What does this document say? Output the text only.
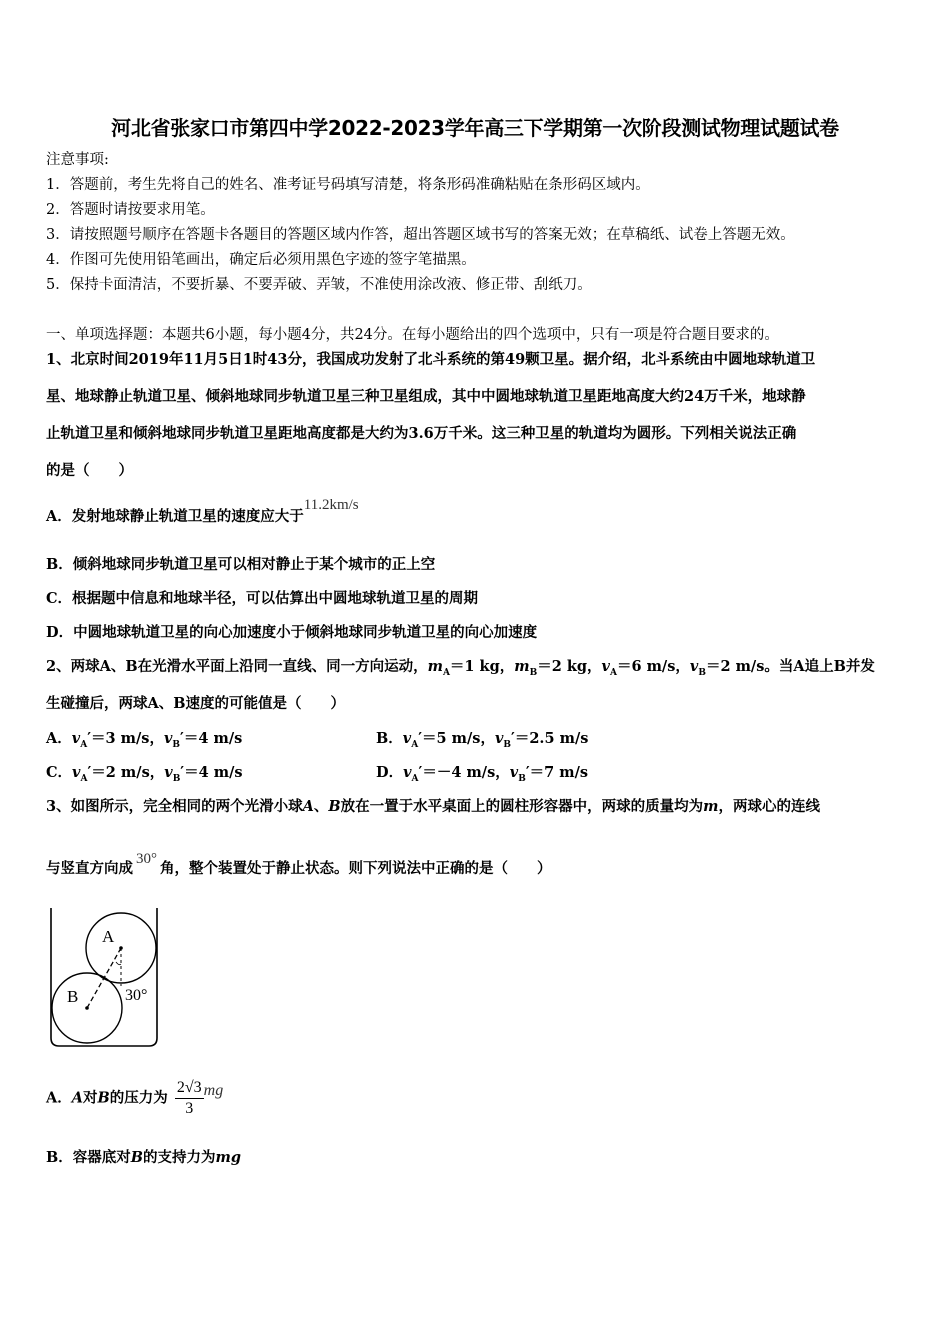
河北省张家口市第四中学2022-2023学年高三下学期第一次阶段测试物理试题试卷
注意事项:
1．答题前，考生先将自己的姓名、准考证号码填写清楚，将条形码准确粘贴在条形码区域内。
2．答题时请按要求用笔。
3．请按照题号顺序在答题卡各题目的答题区域内作答，超出答题区域书写的答案无效；在草稿纸、试卷上答题无效。
4．作图可先使用铅笔画出，确定后必须用黑色字迹的签字笔描黑。
5．保持卡面清洁，不要折暴、不要弄破、弄皱，不准使用涂改液、修正带、刮纸刀。
一、单项选择题：本题共6小题，每小题4分，共24分。在每小题给出的四个选项中，只有一项是符合题目要求的。
1、北京时间2019年11月5日1时43分，我国成功发射了北斗系统的第49颗卫星。据介绍，北斗系统由中圆地球轨道卫
星、地球静止轨道卫星、倾斜地球同步轨道卫星三种卫星组成，其中中圆地球轨道卫星距地高度大约24万千米，地球静
止轨道卫星和倾斜地球同步轨道卫星距地高度都是大约为3.6万千米。这三种卫星的轨道均为圆形。下列相关说法正确
的是（　　）
A．发射地球静止轨道卫星的速度应大于11.2km/s
B．倾斜地球同步轨道卫星可以相对静止于某个城市的正上空
C．根据题中信息和地球半径，可以估算出中圆地球轨道卫星的周期
D．中圆地球轨道卫星的向心加速度小于倾斜地球同步轨道卫星的向心加速度
2、两球A、B在光滑水平面上沿同一直线、同一方向运动，$m_A=1$ kg，$m_B=2$ kg，$v_A=6$ m/s，$v_B=2$ m/s。当A追上B并发
生碰撞后，两球A、B速度的可能值是（　　）
A．$v_A'=3$ m/s，$v_B'=4$ m/s	B．$v_A'=5$ m/s，$v_B'=2.5$ m/s
C．$v_A'=2$ m/s，$v_B'=4$ m/s	D．$v_A'=-4$ m/s，$v_B'=7$ m/s
3、如图所示，完全相同的两个光滑小球A、B放在一置于水平桌面上的圆柱形容器中，两球的质量均为m，两球心的连线
与竖直方向成30°角，整个装置处于静止状态。则下列说法中正确的是（　　）
A
B	30°
A．A对B的压力为 $\frac{2√3}{3}$ mg
B．容器底对B的支持力为mg
